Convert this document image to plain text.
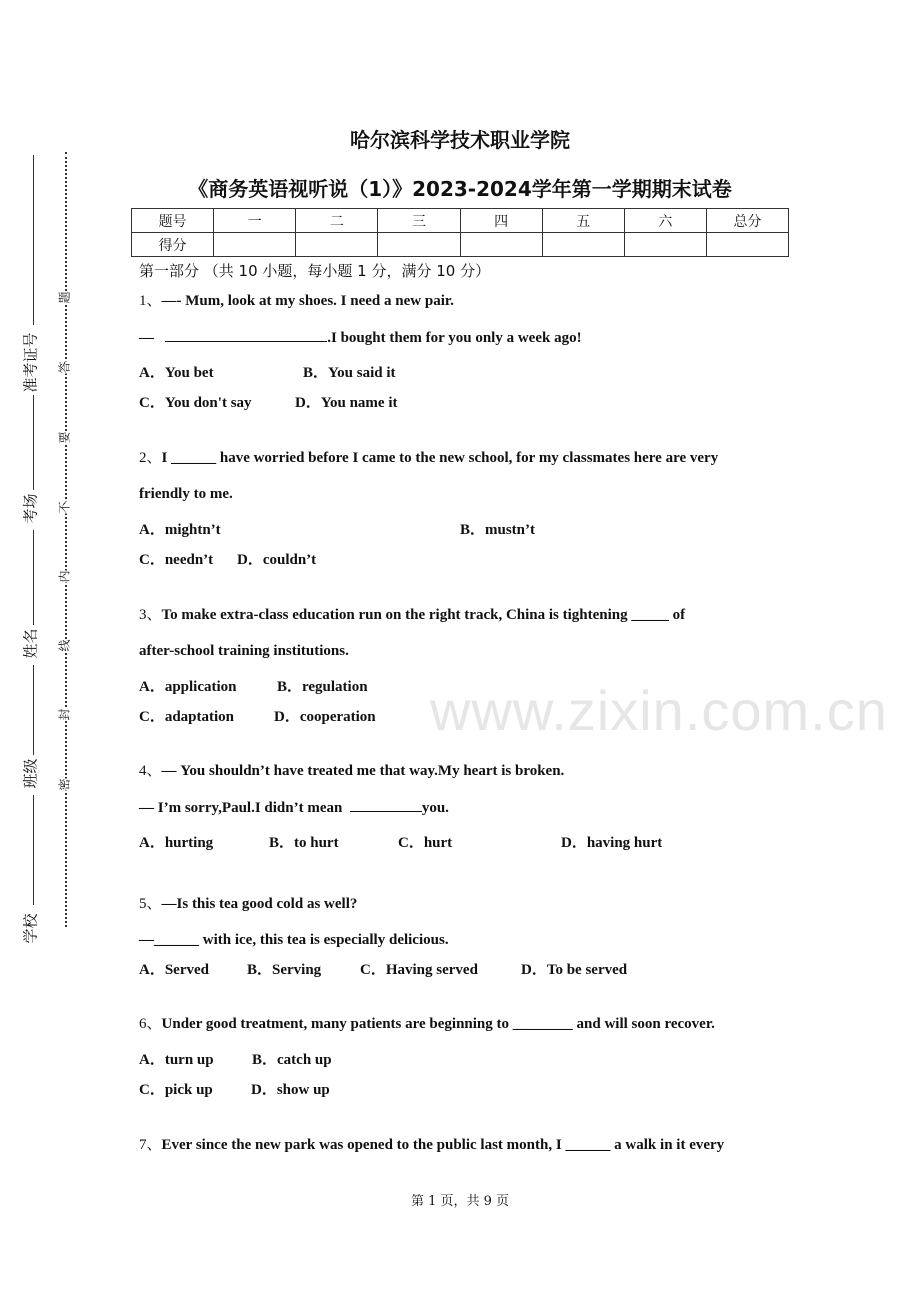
题
答
要
不
内
线
封
密
准考证号
考场
姓名
班级
学校
www.zixin.com.cn
哈尔滨科学技术职业学院
《商务英语视听说（1）》2023-2024学年第一学期期末试卷
题号	一	二	三	四	五	六	总分
得分							
第一部分 （共 10 小题，每小题 1 分，满分 10 分）
1、—- Mum, look at my shoes. I need a new pair.
—	.I bought them for you only a week ago!
A．You bet	B．You said it
C．You don't say	D．You name it
2、I ______ have worried before I came to the new school, for my classmates here are very
friendly to me.
A．mightn’t	B．mustn’t
C．needn’t D．couldn’t
3、To make extra-class education run on the right track, China is tightening _____ of
after-school training institutions.
A．application	B．regulation
C．adaptation	D．cooperation
4、— You shouldn’t have treated me that way.My heart is broken.
— I’m sorry,Paul.I didn’t mean	you.
A．hurting	B．to hurt	C．hurt	D．having hurt
5、—Is this tea good cold as well?
—______ with ice, this tea is especially delicious.
A．Served	B．Serving	C．Having served	D．To be served
6、Under good treatment, many patients are beginning to ________ and will soon recover.
A．turn up	B．catch up
C．pick up	D．show up
7、Ever since the new park was opened to the public last month, I ______ a walk in it every
第 1 页，共 9 页
